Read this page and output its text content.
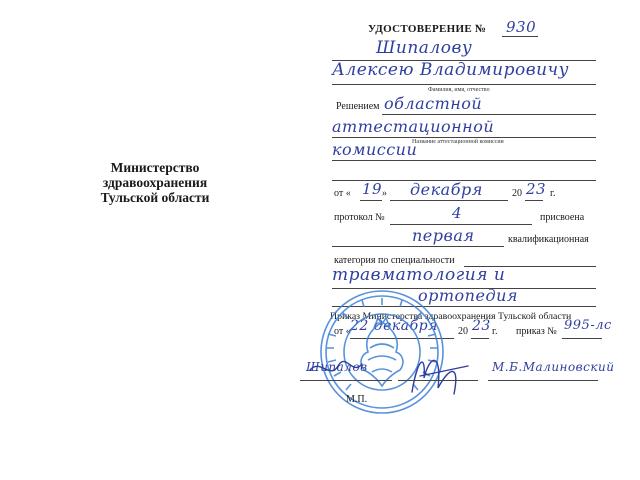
Министерство
здравоохранения
Тульской области
УДОСТОВЕРЕНИЕ № 930
Шипалову
Алексею Владимировичу
Фамилия, имя, отчество
Решением областной
аттестационной
Название аттестационной комиссии
комиссии
от « 19 » декабря	20 23 г.
протокол №	4	присвоена
первая	квалификационная
категория по специальности
травматология и
ортопедия
Приказ Министерства здравоохранения Тульской области
от « 22 декабря 20 23 г. приказ № 995-лс
Шипалов	М.Б.Малиновский
М.П.
